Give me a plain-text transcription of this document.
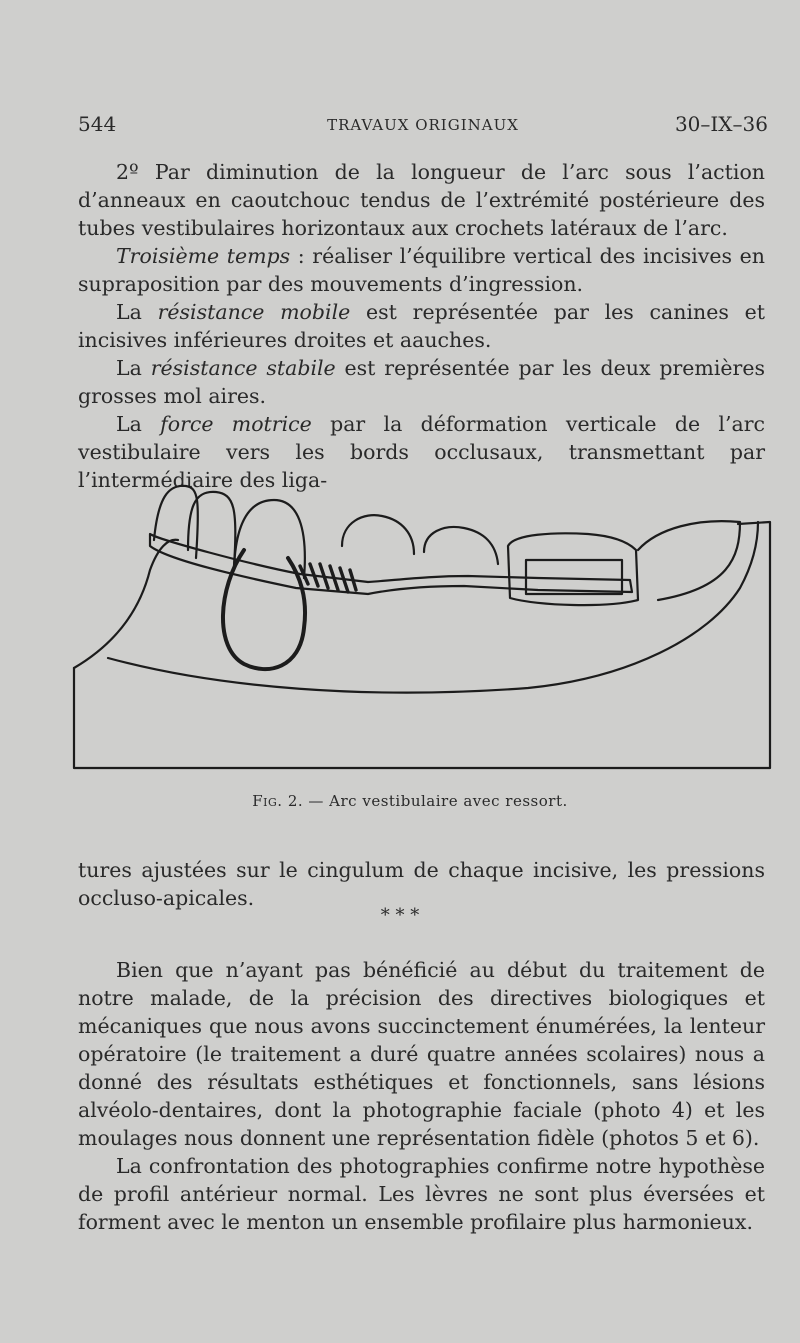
544	TRAVAUX ORIGINAUX	30–IX–36

2º Par diminution de la longueur de l’arc sous l’action d’anneaux en caoutchouc tendus de l’extrémité postérieure des tubes vestibulaires horizontaux aux crochets latéraux de l’arc.

Troisième temps : réaliser l’équilibre vertical des incisives en supraposition par des mouvements d’ingression.

La résistance mobile est représentée par les canines et incisives inférieures droites et aauches.

La résistance stabile est représentée par les deux premières grosses mol aires.

La force motrice par la déformation verticale de l’arc vestibulaire vers les bords occlusaux, transmettant par l’intermédiaire des liga-

Fig. 2. — Arc vestibulaire avec ressort.

tures ajustées sur le cingulum de chaque incisive, les pressions occluso-apicales.

* * *

Bien que n’ayant pas bénéficié au début du traitement de notre malade, de la précision des directives biologiques et mécaniques que nous avons succinctement énumérées, la lenteur opératoire (le traitement a duré quatre années scolaires) nous a donné des résultats esthétiques et fonctionnels, sans lésions alvéolo-dentaires, dont la photographie faciale (photo 4) et les moulages nous donnent une représentation fidèle (photos 5 et 6).

La confrontation des photographies confirme notre hypothèse de profil antérieur normal. Les lèvres ne sont plus éversées et forment avec le menton un ensemble profilaire plus harmonieux.
